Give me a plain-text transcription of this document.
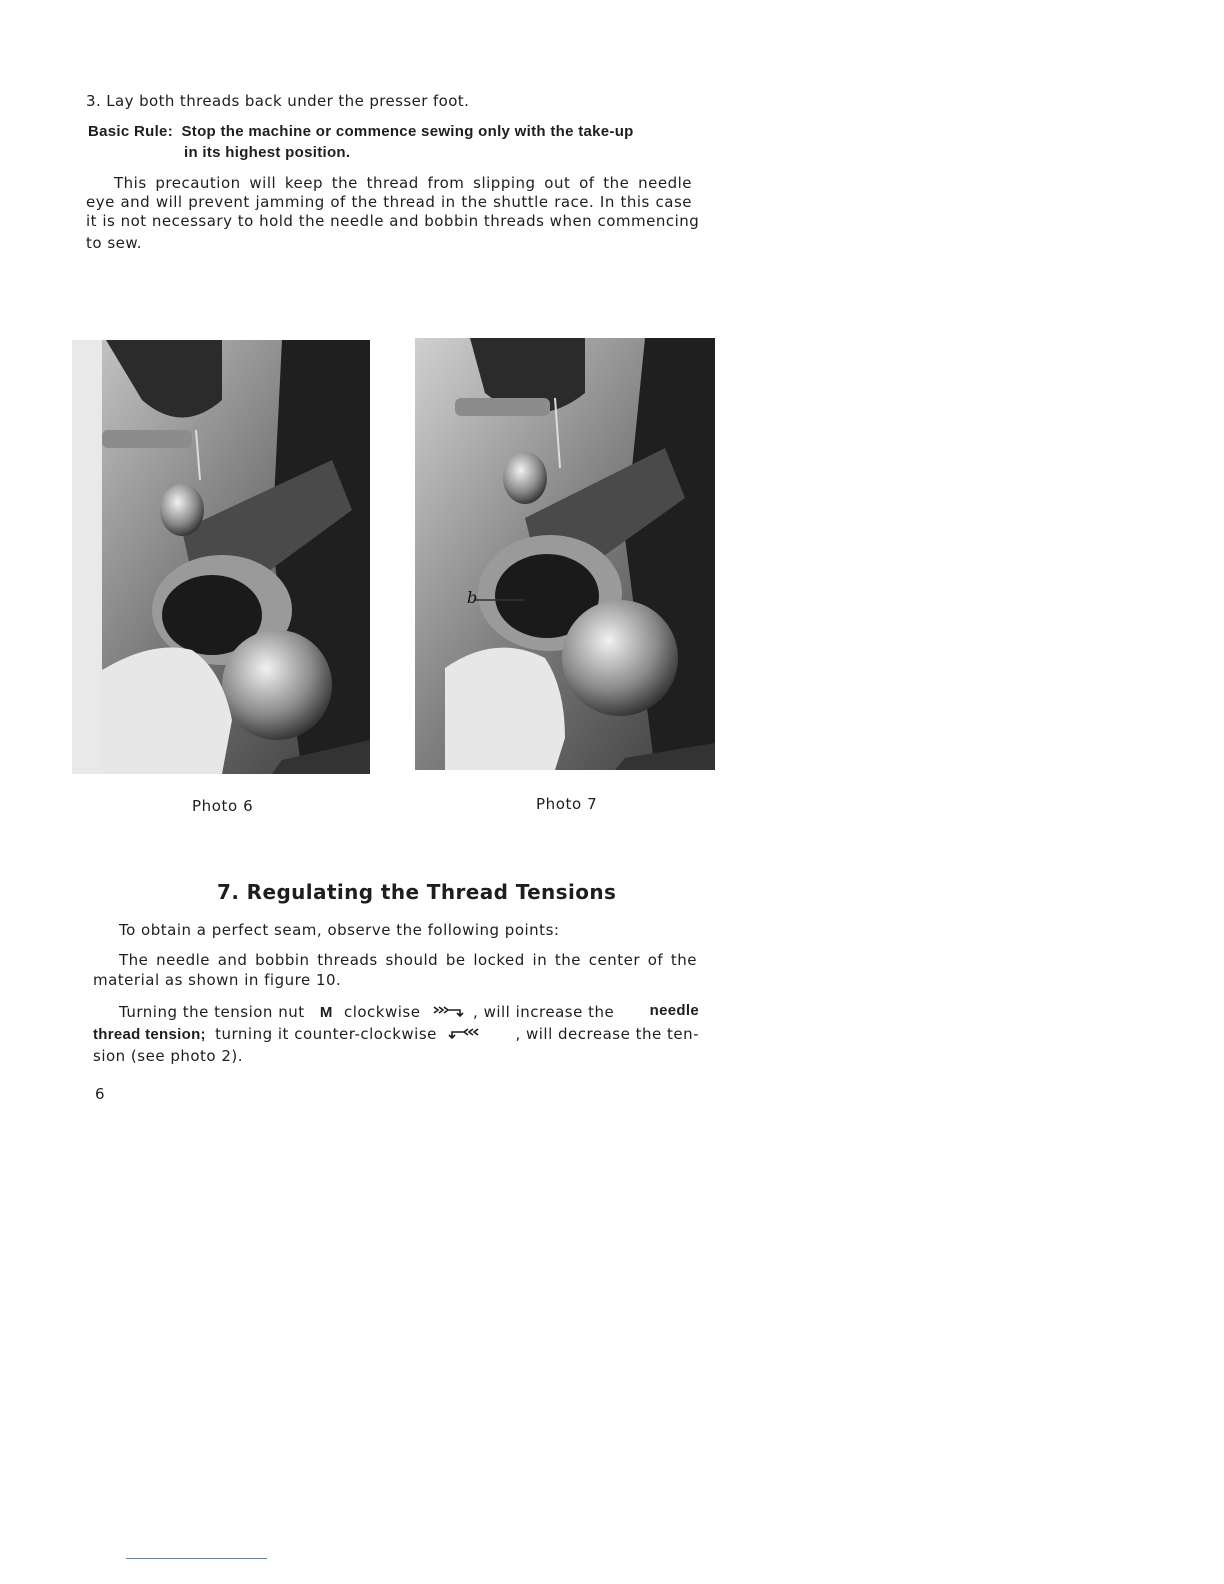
3. Lay both threads back under the presser foot.
Basic Rule: Stop the machine or commence sewing only with the take-up
in its highest position.
This precaution will keep the thread from slipping out of the needle
eye and will prevent jamming of the thread in the shuttle race. In this case
it is not necessary to hold the needle and bobbin threads when commencing
to sew.
b
Photo 6	Photo 7
7. Regulating the Thread Tensions
To obtain a perfect seam, observe the following points:
The needle and bobbin threads should be locked in the center of the
material as shown in figure 10.
Turning the tension nut M clockwise	, will increase the needle
thread tension; turning it counter-clockwise	, will decrease the ten-
sion (see photo 2).
6
